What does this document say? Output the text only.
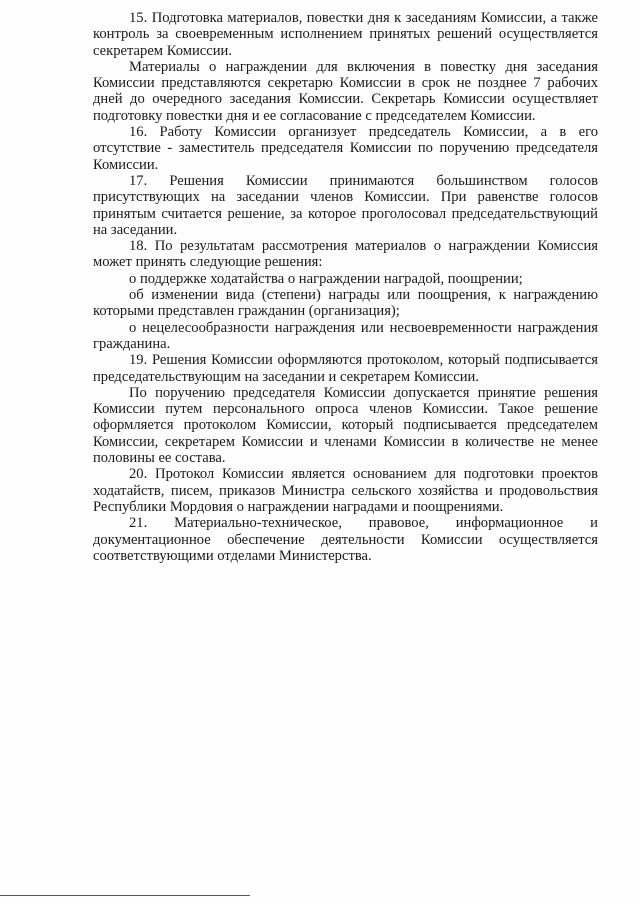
15. Подготовка материалов, повестки дня к заседаниям Комиссии, а также контроль за своевременным исполнением принятых решений осуществляется секретарем Комиссии.

Материалы о награждении для включения в повестку дня заседания Комиссии представляются секретарю Комиссии в срок не позднее 7 рабочих дней до очередного заседания Комиссии. Секретарь Комиссии осуществляет подготовку повестки дня и ее согласование с председателем Комиссии.

16. Работу Комиссии организует председатель Комиссии, а в его отсутствие - заместитель председателя Комиссии по поручению председателя Комиссии.

17. Решения Комиссии принимаются большинством голосов присутствующих на заседании членов Комиссии. При равенстве голосов принятым считается решение, за которое проголосовал председательствующий на заседании.

18. По результатам рассмотрения материалов о награждении Комиссия может принять следующие решения:

о поддержке ходатайства о награждении наградой, поощрении;

об изменении вида (степени) награды или поощрения, к награждению которыми представлен гражданин (организация);

о нецелесообразности награждения или несвоевременности награждения гражданина.

19. Решения Комиссии оформляются протоколом, который подписывается председательствующим на заседании и секретарем Комиссии.

По поручению председателя Комиссии допускается принятие решения Комиссии путем персонального опроса членов Комиссии. Такое решение оформляется протоколом Комиссии, который подписывается председателем Комиссии, секретарем Комиссии и членами Комиссии в количестве не менее половины ее состава.

20. Протокол Комиссии является основанием для подготовки проектов ходатайств, писем, приказов Министра сельского хозяйства и продовольствия Республики Мордовия о награждении наградами и поощрениями.

21. Материально-техническое, правовое, информационное и документационное обеспечение деятельности Комиссии осуществляется соответствующими отделами Министерства.
